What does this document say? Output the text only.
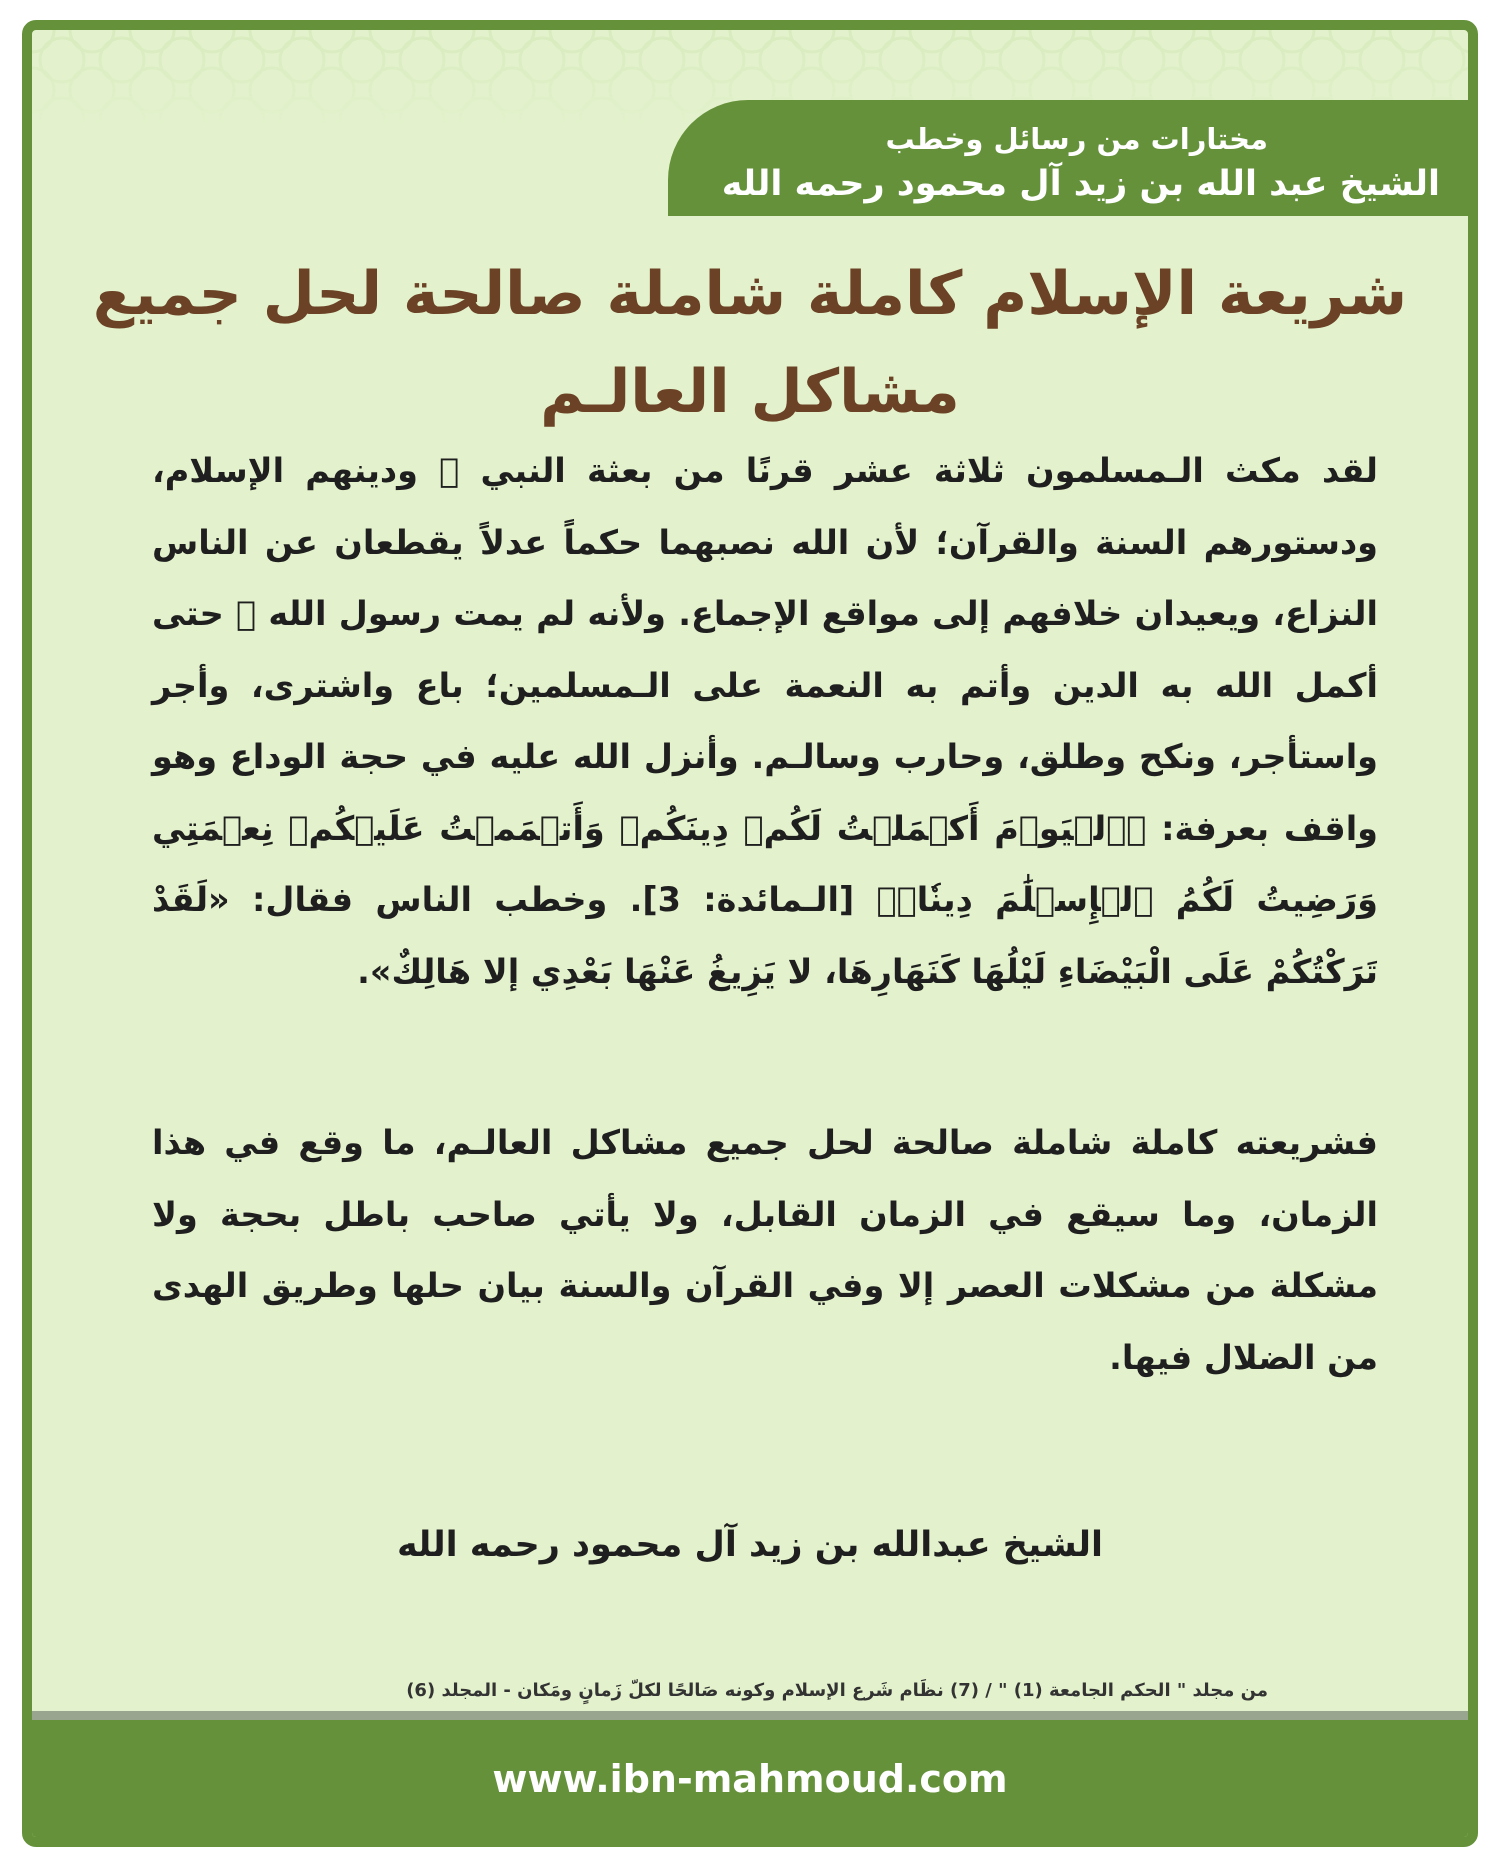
مختارات من رسائل وخطب
الشيخ عبد الله بن زيد آل محمود رحمه الله
شريعة الإسلام كاملة شاملة صالحة لحل جميع مشاكل العالـم

لقد مكث الـمسلمون ثلاثة عشر قرنًا من بعثة النبي ﷺ ودينهم الإسلام، ودستورهم السنة والقرآن؛ لأن الله نصبهما حكماً عدلاً يقطعان عن الناس النزاع، ويعيدان خلافهم إلى مواقع الإجماع. ولأنه لم يمت رسول الله ﷺ حتى أكمل الله به الدين وأتم به النعمة على الـمسلمين؛ باع واشترى، وأجر واستأجر، ونكح وطلق، وحارب وسالـم. وأنزل الله عليه في حجة الوداع وهو واقف بعرفة: ﴿ٱلۡيَوۡمَ أَكۡمَلۡتُ لَكُمۡ دِينَكُمۡ وَأَتۡمَمۡتُ عَلَيۡكُمۡ نِعۡمَتِي وَرَضِيتُ لَكُمُ ٱلۡإِسۡلَٰمَ دِينٗاۚ﴾ [الـمائدة: 3]. وخطب الناس فقال: «لَقَدْ تَرَكْتُكُمْ عَلَى الْبَيْضَاءِ لَيْلُهَا كَنَهَارِهَا، لا يَزِيغُ عَنْهَا بَعْدِي إلا هَالِكٌ».

فشريعته كاملة شاملة صالحة لحل جميع مشاكل العالـم، ما وقع في هذا الزمان، وما سيقع في الزمان القابل، ولا يأتي صاحب باطل بحجة ولا مشكلة من مشكلات العصر إلا وفي القرآن والسنة بيان حلها وطريق الهدى من الضلال فيها.

الشيخ عبدالله بن زيد آل محمود رحمه الله
من مجلد " الحكم الجامعة (1) " / (7) نظَام شَرع الإسلام وكونه صَالحًا لكلّ زَمانٍ ومَكان - المجلد (6)
www.ibn-mahmoud.com
